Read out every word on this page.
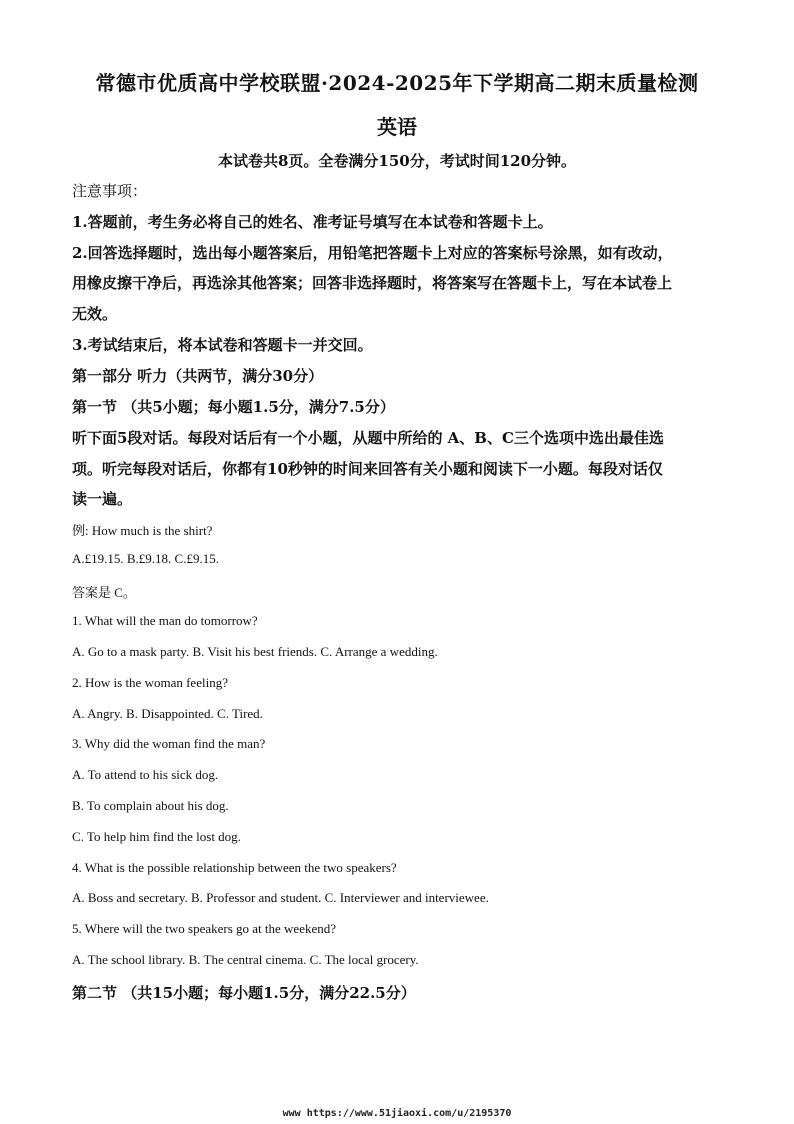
常德市优质高中学校联盟·2024-2025年下学期高二期末质量检测
英语
本试卷共8页。全卷满分150分，考试时间120分钟。
注意事项：
1.答题前，考生务必将自己的姓名、准考证号填写在本试卷和答题卡上。
2.回答选择题时，选出每小题答案后，用铅笔把答题卡上对应的答案标号涂黑，如有改动，
用橡皮擦干净后，再选涂其他答案；回答非选择题时，将答案写在答题卡上，写在本试卷上
无效。
3.考试结束后，将本试卷和答题卡一并交回。
第一部分 听力（共两节，满分30分）
第一节 （共5小题；每小题1.5分，满分7.5分）
听下面5段对话。每段对话后有一个小题，从题中所给的 A、B、C三个选项中选出最佳选
项。听完每段对话后，你都有10秒钟的时间来回答有关小题和阅读下一小题。每段对话仅
读一遍。
例: How much is the shirt?
A.£19.15. B.£9.18. C.£9.15.
答案是 C。
1. What will the man do tomorrow?
A. Go to a mask party. B. Visit his best friends. C. Arrange a wedding.
2. How is the woman feeling?
A. Angry. B. Disappointed. C. Tired.
3. Why did the woman find the man?
A. To attend to his sick dog.
B. To complain about his dog.
C. To help him find the lost dog.
4. What is the possible relationship between the two speakers?
A. Boss and secretary. B. Professor and student. C. Interviewer and interviewee.
5. Where will the two speakers go at the weekend?
A. The school library. B. The central cinema. C. The local grocery.
第二节 （共15小题；每小题1.5分，满分22.5分）
www https://www.51jiaoxi.com/u/2195370
